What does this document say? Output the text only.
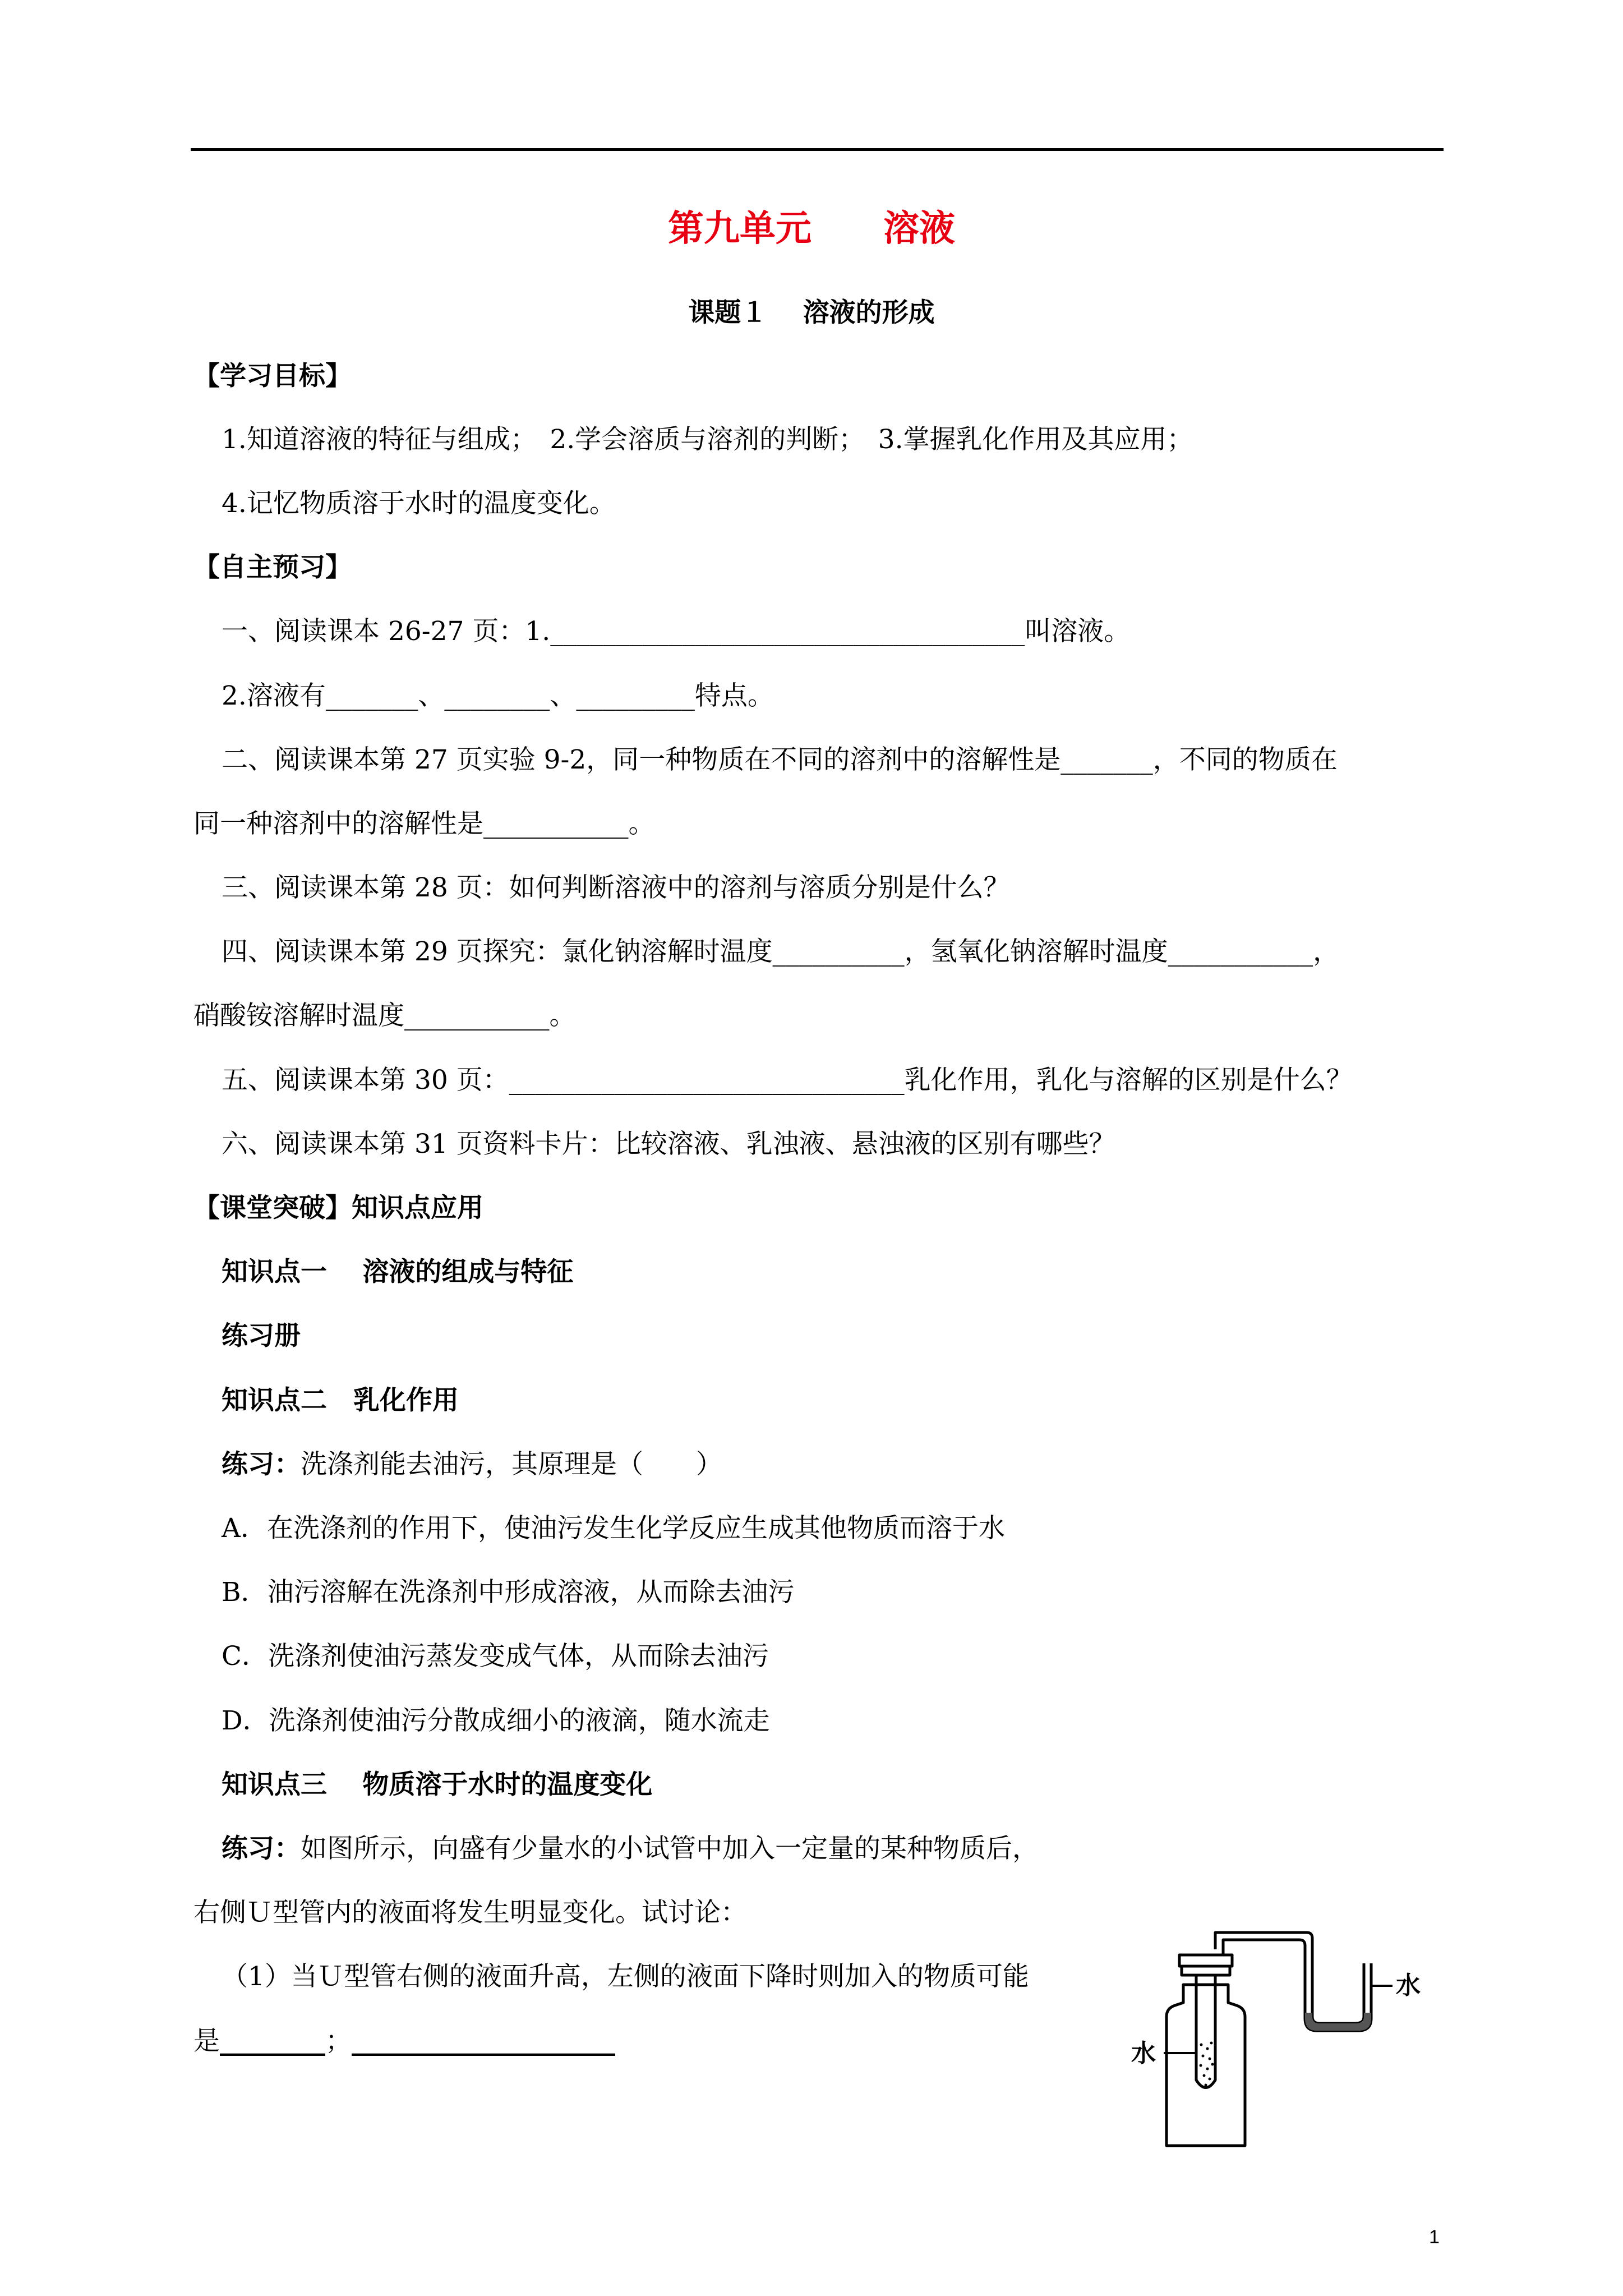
第九单元　　溶液
课题１　 溶液的形成
【学习目标】
1.知道溶液的特征与组成；　2.学会溶质与溶剂的判断；　3.掌握乳化作用及其应用；
4.记忆物质溶于水时的温度变化。
【自主预习】
一、阅读课本 26-27 页：1.____________________________________叫溶液。
2.溶液有_______、________、_________特点。
二、阅读课本第 27 页实验 9-2，同一种物质在不同的溶剂中的溶解性是_______，不同的物质在
同一种溶剂中的溶解性是___________。
三、阅读课本第 28 页：如何判断溶液中的溶剂与溶质分别是什么？
四、阅读课本第 29 页探究：氯化钠溶解时温度__________，氢氧化钠溶解时温度___________，
硝酸铵溶解时温度___________。
五、阅读课本第 30 页：______________________________乳化作用，乳化与溶解的区别是什么？
六、阅读课本第 31 页资料卡片：比较溶液、乳浊液、悬浊液的区别有哪些？
【课堂突破】知识点应用
知识点一　 溶液的组成与特征
练习册
知识点二　乳化作用
练习：洗涤剂能去油污，其原理是（　　）
A．在洗涤剂的作用下，使油污发生化学反应生成其他物质而溶于水
B．油污溶解在洗涤剂中形成溶液，从而除去油污
C．洗涤剂使油污蒸发变成气体，从而除去油污
D．洗涤剂使油污分散成细小的液滴，随水流走
知识点三　 物质溶于水时的温度变化
练习：如图所示，向盛有少量水的小试管中加入一定量的某种物质后，
右侧Ｕ型管内的液面将发生明显变化。试讨论：
（1）当Ｕ型管右侧的液面升高，左侧的液面下降时则加入的物质可能
是________；____________________
水
水
1
